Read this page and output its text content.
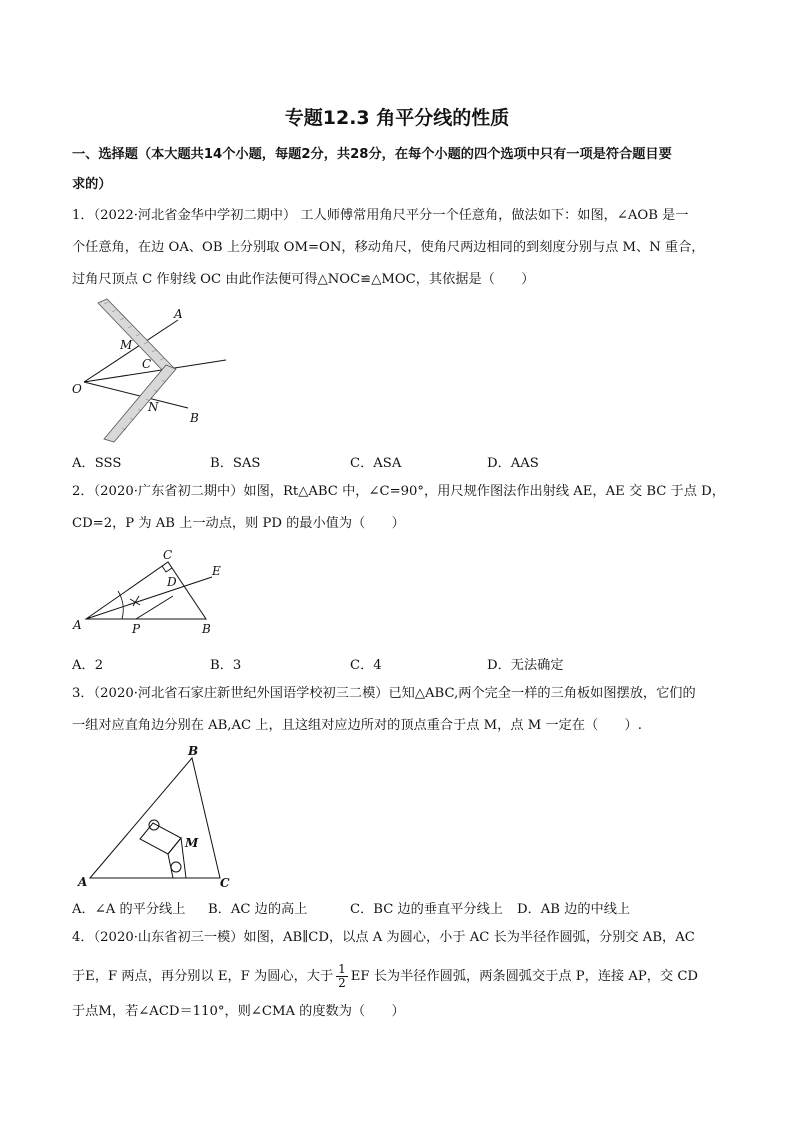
专题12.3 角平分线的性质
一、选择题（本大题共14个小题，每题2分，共28分，在每个小题的四个选项中只有一项是符合题目要
求的）
1．（2022·河北省金华中学初二期中） 工人师傅常用角尺平分一个任意角，做法如下：如图，∠AOB 是一
个任意角，在边 OA、OB 上分别取 OM=ON，移动角尺，使角尺两边相同的到刻度分别与点 M、N 重合，
过角尺顶点 C 作射线 OC 由此作法便可得△NOC≌△MOC，其依据是（　　）
A
M
C
O
N
B
A．SSS	B．SAS	C．ASA	D．AAS
2．（2020·广东省初二期中）如图，Rt△ABC 中，∠C=90°，用尺规作图法作出射线 AE，AE 交 BC 于点 D，
CD=2，P 为 AB 上一动点，则 PD 的最小值为（　　）
C
D
E
A	P	B
A．2	B．3	C．4	D．无法确定
3．（2020·河北省石家庄新世纪外国语学校初三二模）已知△ABC,两个完全一样的三角板如图摆放，它们的
一组对应直角边分别在 AB,AC 上，且这组对应边所对的顶点重合于点 M，点 M 一定在（　　）.
B
M
A	C
A．∠A 的平分线上 B．AC 边的高上	C．BC 边的垂直平分线上 D．AB 边的中线上
4．（2020·山东省初三一模）如图，AB∥CD，以点 A 为圆心，小于 AC 长为半径作圆弧，分别交 AB，AC
于E，F 两点，再分别以 E，F 为圆心，大于 $\frac{1}{2}$ EF 长为半径作圆弧，两条圆弧交于点 P，连接 AP，交 CD
于点M，若∠ACD＝110°，则∠CMA 的度数为（　　）
